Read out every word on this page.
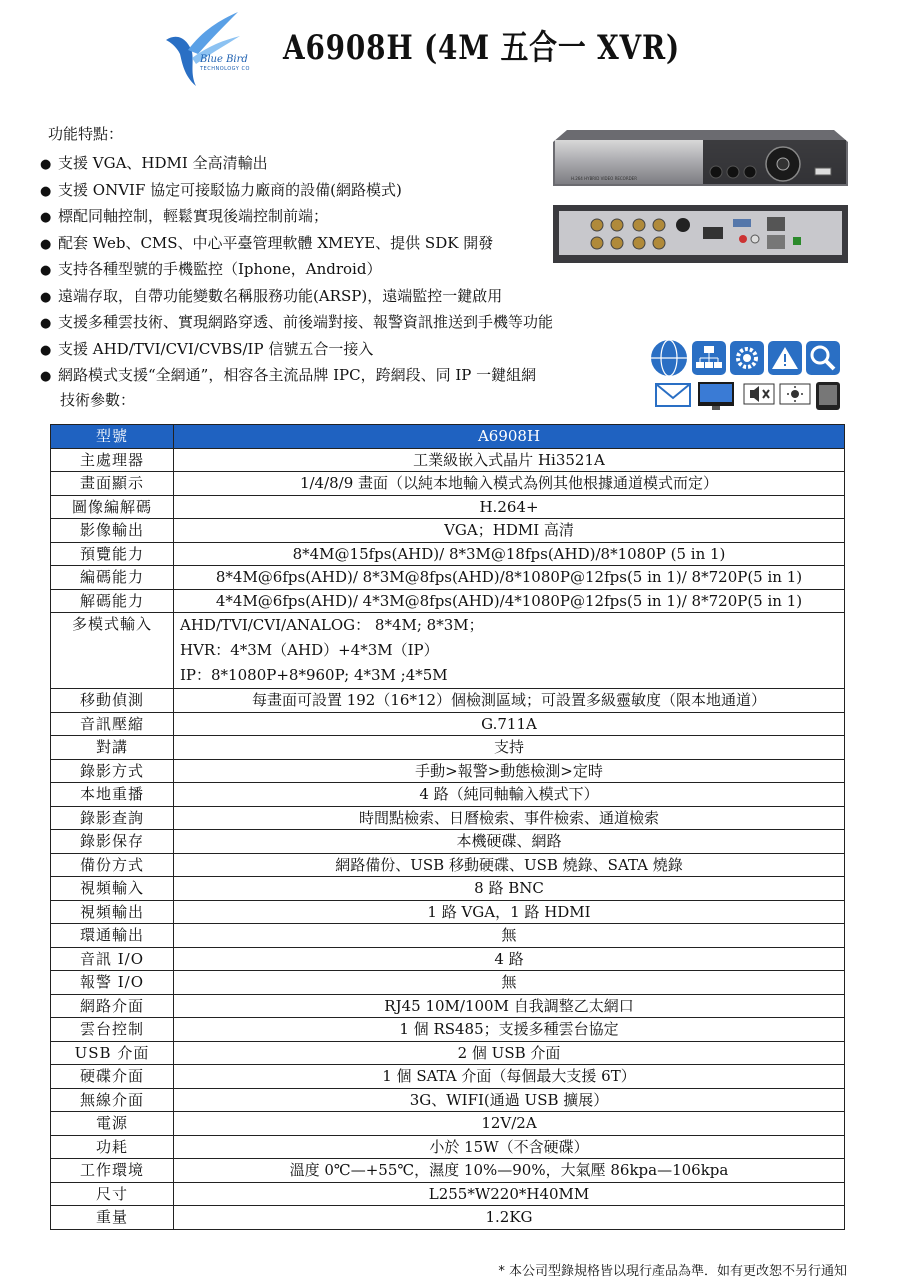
Blue Bird
TECHNOLOGY CO
A6908H (4M 五合一 XVR)
功能特點：
● 支援 VGA、HDMI 全高清輸出
● 支援 ONVIF 協定可接駁協力廠商的設備(網路模式)
● 標配同軸控制，輕鬆實現後端控制前端；
● 配套 Web、CMS、中心平臺管理軟體 XMEYE、提供 SDK 開發
● 支持各種型號的手機監控（Iphone，Android）
● 遠端存取，自帶功能變數名稱服務功能(ARSP)，遠端監控一鍵啟用
● 支援多種雲技術、實現網路穿透、前後端對接、報警資訊推送到手機等功能
● 支援 AHD/TVI/CVI/CVBS/IP 信號五合一接入
● 網路模式支援“全網通”，相容各主流品牌 IPC，跨網段、同 IP 一鍵組網
技術參數：
H.264 HYBRID VIDEO RECORDER
型號	A6908H
主處理器	工業級嵌入式晶片 Hi3521A
畫面顯示	1/4/8/9 畫面（以純本地輸入模式為例其他根據通道模式而定）
圖像編解碼	H.264+
影像輸出	VGA；HDMI 高清
預覽能力	8*4M@15fps(AHD)/ 8*3M@18fps(AHD)/8*1080P (5 in 1)
編碼能力	8*4M@6fps(AHD)/ 8*3M@8fps(AHD)/8*1080P@12fps(5 in 1)/ 8*720P(5 in 1)
解碼能力	4*4M@6fps(AHD)/ 4*3M@8fps(AHD)/4*1080P@12fps(5 in 1)/ 8*720P(5 in 1)
多模式輸入	AHD/TVI/CVI/ANALOG： 8*4M; 8*3M；
HVR：4*3M（AHD）+4*3M（IP）
IP：8*1080P+8*960P; 4*3M ;4*5M

移動偵測	每畫面可設置 192（16*12）個檢測區域；可設置多級靈敏度（限本地通道）
音訊壓縮	G.711A
對講	支持
錄影方式	手動>報警>動態檢測>定時
本地重播	4 路（純同軸輸入模式下）
錄影查詢	時間點檢索、日曆檢索、事件檢索、通道檢索
錄影保存	本機硬碟、網路
備份方式	網路備份、USB 移動硬碟、USB 燒錄、SATA 燒錄
視頻輸入	8 路 BNC
視頻輸出	1 路 VGA，1 路 HDMI
環通輸出	無
音訊 I/O	4 路
報警 I/O	無
網路介面	RJ45 10M/100M 自我調整乙太網口
雲台控制	1 個 RS485；支援多種雲台協定
USB 介面	2 個 USB 介面
硬碟介面	1 個 SATA 介面（每個最大支援 6T）
無線介面	3G、WIFI(通過 USB 擴展）
電源	12V/2A
功耗	小於 15W（不含硬碟）
工作環境	溫度 0℃—+55℃，濕度 10%—90%，大氣壓 86kpa—106kpa
尺寸	L255*W220*H40MM
重量	1.2KG
* 本公司型錄規格皆以現行產品為準．如有更改恕不另行通知
